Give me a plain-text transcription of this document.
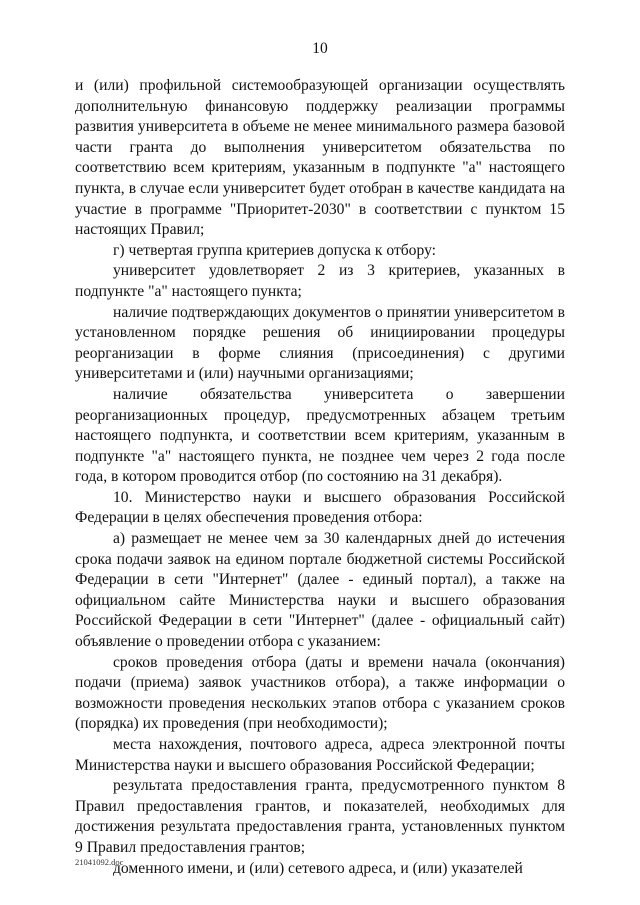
10

и (или) профильной системообразующей организации осуществлять дополнительную финансовую поддержку реализации программы развития университета в объеме не менее минимального размера базовой части гранта до выполнения университетом обязательства по соответствию всем критериям, указанным в подпункте "а" настоящего пункта, в случае если университет будет отобран в качестве кандидата на участие в программе "Приоритет-2030" в соответствии с пунктом 15 настоящих Правил;

г) четвертая группа критериев допуска к отбору:

университет удовлетворяет 2 из 3 критериев, указанных в подпункте "а" настоящего пункта;

наличие подтверждающих документов о принятии университетом в установленном порядке решения об инициировании процедуры реорганизации в форме слияния (присоединения) с другими университетами и (или) научными организациями;

наличие обязательства университета о завершении реорганизационных процедур, предусмотренных абзацем третьим настоящего подпункта, и соответствии всем критериям, указанным в подпункте "а" настоящего пункта, не позднее чем через 2 года после года, в котором проводится отбор (по состоянию на 31 декабря).

10. Министерство науки и высшего образования Российской Федерации в целях обеспечения проведения отбора:

а) размещает не менее чем за 30 календарных дней до истечения срока подачи заявок на едином портале бюджетной системы Российской Федерации в сети "Интернет" (далее - единый портал), а также на официальном сайте Министерства науки и высшего образования Российской Федерации в сети "Интернет" (далее - официальный сайт) объявление о проведении отбора с указанием:

сроков проведения отбора (даты и времени начала (окончания) подачи (приема) заявок участников отбора), а также информации о возможности проведения нескольких этапов отбора с указанием сроков (порядка) их проведения (при необходимости);

места нахождения, почтового адреса, адреса электронной почты Министерства науки и высшего образования Российской Федерации;

результата предоставления гранта, предусмотренного пунктом 8 Правил предоставления грантов, и показателей, необходимых для достижения результата предоставления гранта, установленных пунктом 9 Правил предоставления грантов;

доменного имени, и (или) сетевого адреса, и (или) указателей

21041092.doc
